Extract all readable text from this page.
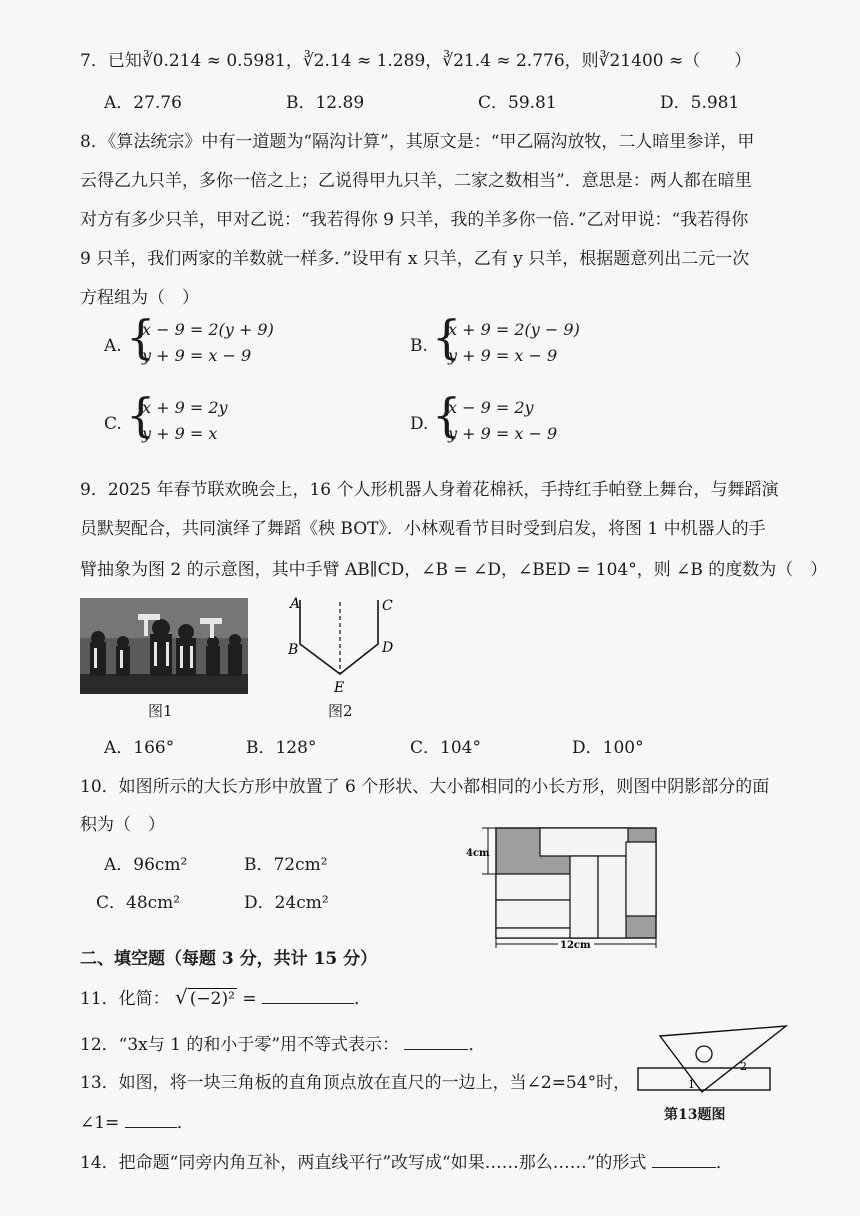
7．已知∛0.214 ≈ 0.5981，∛2.14 ≈ 1.289，∛21.4 ≈ 2.776，则∛21400 ≈（　　）
A．27.76	B．12.89	C．59.81	D．5.981
8．《算法统宗》中有一道题为“隔沟计算”，其原文是：“甲乙隔沟放牧，二人暗里参详，甲
云得乙九只羊，多你一倍之上；乙说得甲九只羊，二家之数相当”．意思是：两人都在暗里
对方有多少只羊，甲对乙说：“我若得你 9 只羊，我的羊多你一倍．”乙对甲说：“我若得你
9 只羊，我们两家的羊数就一样多．”设甲有 x 只羊，乙有 y 只羊，根据题意列出二元一次
方程组为（　）
A. {
x − 9 = 2(y + 9)
y + 9 = x − 9	B. {
x + 9 = 2(y − 9)
y + 9 = x − 9
C. {
x + 9 = 2y
y + 9 = x	D. {
x − 9 = 2y
y + 9 = x − 9
9．2025 年春节联欢晚会上，16 个人形机器人身着花棉袄，手持红手帕登上舞台，与舞蹈演
员默契配合，共同演绎了舞蹈《秧 BOT》．小林观看节目时受到启发，将图 1 中机器人的手
臂抽象为图 2 的示意图，其中手臂 AB∥CD，∠B = ∠D，∠BED = 104°，则 ∠B 的度数为（　）
图1
A
B
C
D
E
图2
A．166°	B．128°	C．104°	D．100°
10．如图所示的大长方形中放置了 6 个形状、大小都相同的小长方形，则图中阴影部分的面
积为（　）
A．96cm²	B．72cm²
C．48cm²	D．24cm²
4cm
12cm
二、填空题（每题 3 分，共计 15 分）
11．化简： √ (−2)² =	．
12．“3x与 1 的和小于零”用不等式表示：	．
13．如图，将一块三角板的直角顶点放在直尺的一边上，当∠2=54°时，
∠1=	．
1
2
第13题图
14．把命题“同旁内角互补，两直线平行”改写成“如果……那么……”的形式	．
